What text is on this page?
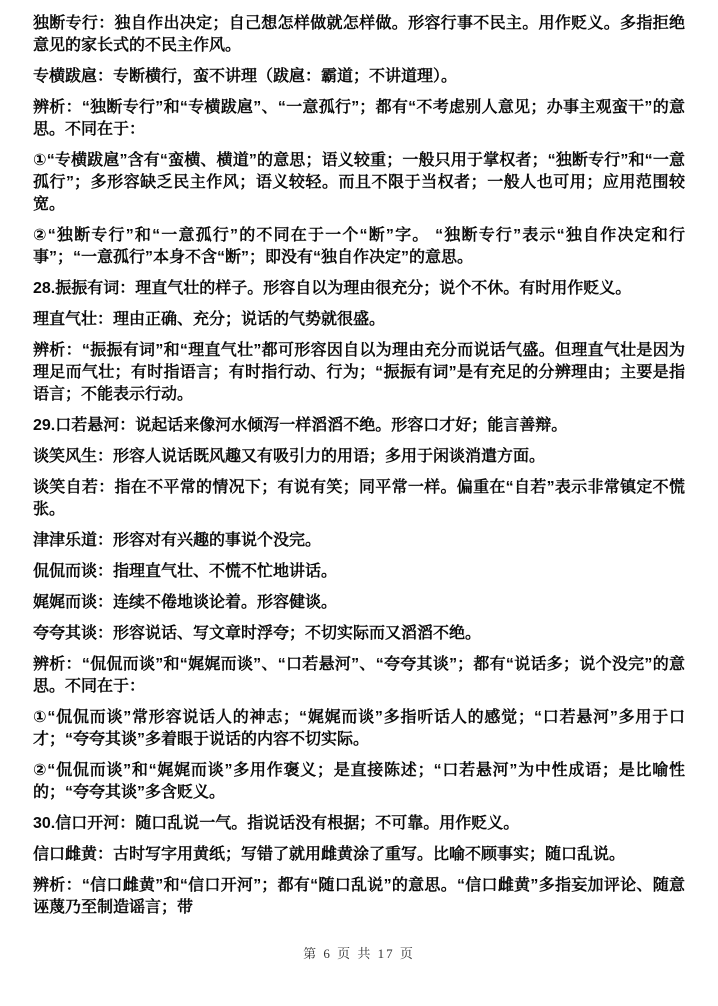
独断专行：独自作出决定；自己想怎样做就怎样做。形容行事不民主。用作贬义。多指拒绝意见的家长式的不民主作风。

专横跋扈：专断横行，蛮不讲理（跋扈：霸道；不讲道理）。

辨析：“独断专行”和“专横跋扈”、“一意孤行”；都有“不考虑别人意见；办事主观蛮干”的意思。不同在于：

①“专横跋扈”含有“蛮横、横道”的意思；语义较重；一般只用于掌权者；“独断专行”和“一意孤行”；多形容缺乏民主作风；语义较轻。而且不限于当权者；一般人也可用；应用范围较宽。

②“独断专行”和“一意孤行”的不同在于一个“断”字。 “独断专行”表示“独自作决定和行事”；“一意孤行”本身不含“断”；即没有“独自作决定”的意思。

28.振振有词：理直气壮的样子。形容自以为理由很充分；说个不休。有时用作贬义。

理直气壮：理由正确、充分；说话的气势就很盛。

辨析：“振振有词”和“理直气壮”都可形容因自以为理由充分而说话气盛。但理直气壮是因为理足而气壮；有时指语言；有时指行动、行为；“振振有词”是有充足的分辨理由；主要是指语言；不能表示行动。

29.口若悬河：说起话来像河水倾泻一样滔滔不绝。形容口才好；能言善辩。

谈笑风生：形容人说话既风趣又有吸引力的用语；多用于闲谈消遣方面。

谈笑自若：指在不平常的情况下；有说有笑；同平常一样。偏重在“自若”表示非常镇定不慌张。

津津乐道：形容对有兴趣的事说个没完。

侃侃而谈：指理直气壮、不慌不忙地讲话。

娓娓而谈：连续不倦地谈论着。形容健谈。

夸夸其谈：形容说话、写文章时浮夸；不切实际而又滔滔不绝。

辨析：“侃侃而谈”和“娓娓而谈”、“口若悬河”、“夸夸其谈”；都有“说话多；说个没完”的意思。不同在于：

①“侃侃而谈”常形容说话人的神志；“娓娓而谈”多指听话人的感觉；“口若悬河”多用于口才；“夸夸其谈”多着眼于说话的内容不切实际。

②“侃侃而谈”和“娓娓而谈”多用作褒义；是直接陈述；“口若悬河”为中性成语；是比喻性的；“夸夸其谈”多含贬义。

30.信口开河：随口乱说一气。指说话没有根据；不可靠。用作贬义。

信口雌黄：古时写字用黄纸；写错了就用雌黄涂了重写。比喻不顾事实；随口乱说。

辨析：“信口雌黄”和“信口开河”；都有“随口乱说”的意思。“信口雌黄”多指妄加评论、随意诬蔑乃至制造谣言；带

第 6 页 共 17 页
